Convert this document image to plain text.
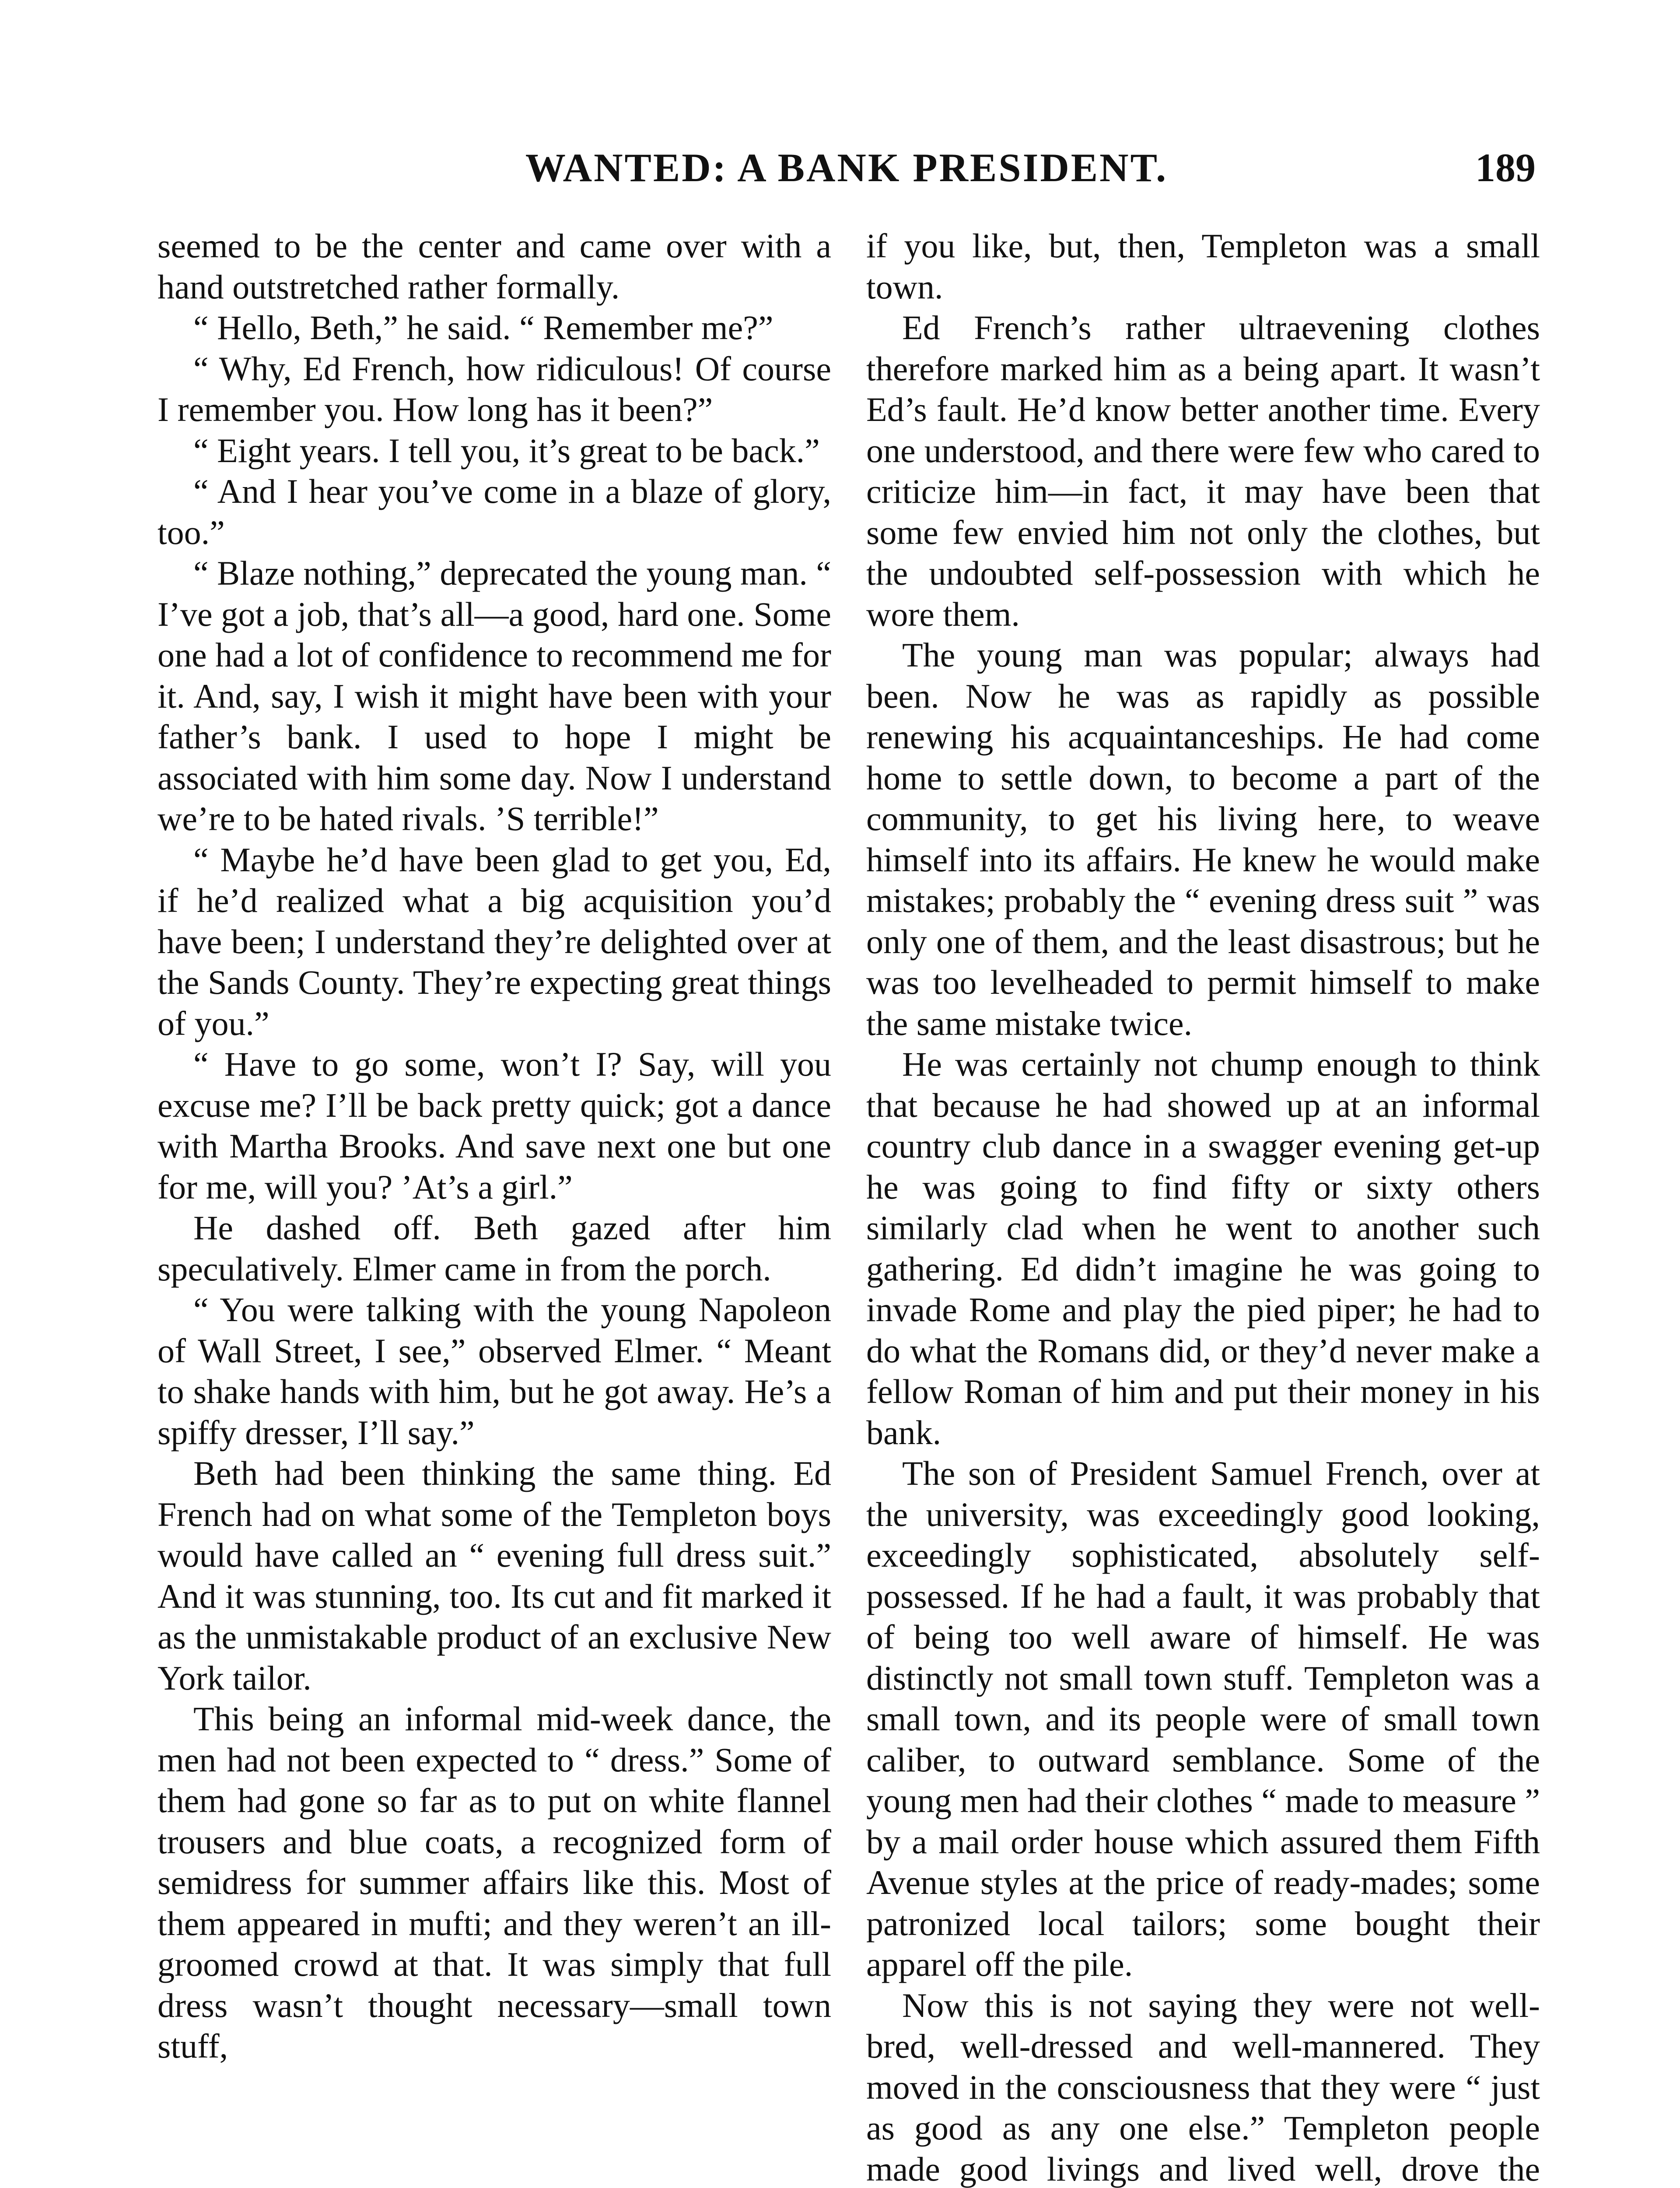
WANTED: A BANK PRESIDENT.	189

seemed to be the center and came over with a hand outstretched rather formally.

“ Hello, Beth,” he said. “ Remember me?”

“ Why, Ed French, how ridiculous! Of course I remember you. How long has it been?”

“ Eight years. I tell you, it’s great to be back.”

“ And I hear you’ve come in a blaze of glory, too.”

“ Blaze nothing,” deprecated the young man. “ I’ve got a job, that’s all—a good, hard one. Some one had a lot of confidence to recommend me for it. And, say, I wish it might have been with your father’s bank. I used to hope I might be associated with him some day. Now I understand we’re to be hated rivals. ’S terrible!”

“ Maybe he’d have been glad to get you, Ed, if he’d realized what a big acquisition you’d have been; I understand they’re delighted over at the Sands County. They’re expecting great things of you.”

“ Have to go some, won’t I? Say, will you excuse me? I’ll be back pretty quick; got a dance with Martha Brooks. And save next one but one for me, will you? ’At’s a girl.”

He dashed off. Beth gazed after him speculatively. Elmer came in from the porch.

“ You were talking with the young Napoleon of Wall Street, I see,” observed Elmer. “ Meant to shake hands with him, but he got away. He’s a spiffy dresser, I’ll say.”

Beth had been thinking the same thing. Ed French had on what some of the Templeton boys would have called an “ evening full dress suit.” And it was stunning, too. Its cut and fit marked it as the unmistakable product of an exclusive New York tailor.

This being an informal mid-week dance, the men had not been expected to “ dress.” Some of them had gone so far as to put on white flannel trousers and blue coats, a recognized form of semidress for summer affairs like this. Most of them appeared in mufti; and they weren’t an ill-groomed crowd at that. It was simply that full dress wasn’t thought necessary—small town stuff,

if you like, but, then, Templeton was a small town.

Ed French’s rather ultraevening clothes therefore marked him as a being apart. It wasn’t Ed’s fault. He’d know better another time. Every one understood, and there were few who cared to criticize him—in fact, it may have been that some few envied him not only the clothes, but the undoubted self-possession with which he wore them.

The young man was popular; always had been. Now he was as rapidly as possible renewing his acquaintanceships. He had come home to settle down, to become a part of the community, to get his living here, to weave himself into its affairs. He knew he would make mistakes; probably the “ evening dress suit ” was only one of them, and the least disastrous; but he was too levelheaded to permit himself to make the same mistake twice.

He was certainly not chump enough to think that because he had showed up at an informal country club dance in a swagger evening get-up he was going to find fifty or sixty others similarly clad when he went to another such gathering. Ed didn’t imagine he was going to invade Rome and play the pied piper; he had to do what the Romans did, or they’d never make a fellow Roman of him and put their money in his bank.

The son of President Samuel French, over at the university, was exceedingly good looking, exceedingly sophisticated, absolutely self-possessed. If he had a fault, it was probably that of being too well aware of himself. He was distinctly not small town stuff. Templeton was a small town, and its people were of small town caliber, to outward semblance. Some of the young men had their clothes “ made to measure ” by a mail order house which assured them Fifth Avenue styles at the price of ready-mades; some patronized local tailors; some bought their apparel off the pile.

Now this is not saying they were not well-bred, well-dressed and well-mannered. They moved in the consciousness that they were “ just as good as any one else.” Templeton people made good livings and lived well, drove the
